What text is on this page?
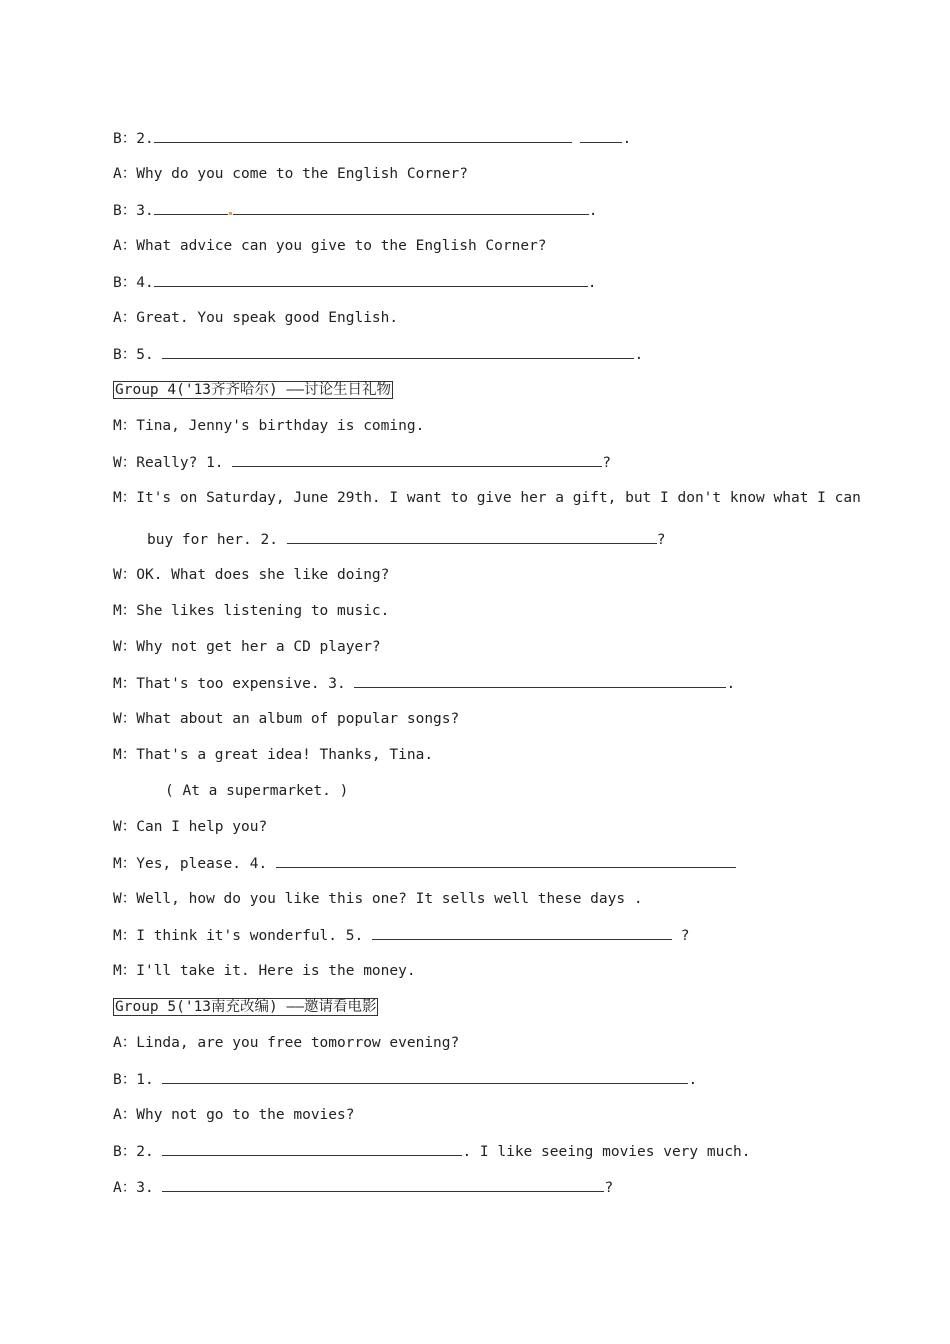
B：2.	.
A：Why do you come to the English Corner?
B：3.	.
A：What advice can you give to the English Corner?
B：4.	.
A：Great. You speak good English.
B：5.	.
Group 4('13齐齐哈尔) ——讨论生日礼物
M：Tina, Jenny's birthday is coming.
W：Really? 1.	?
M：It's on Saturday, June 29th. I want to give her a gift, but I don't know what I can
buy for her. 2.	?
W：OK. What does she like doing?
M：She likes listening to music.
W：Why not get her a CD player?
M：That's too expensive. 3.	.
W：What about an album of popular songs?
M：That's a great idea! Thanks, Tina.
( At a supermarket. )
W：Can I help you?
M：Yes, please. 4.
W：Well, how do you like this one? It sells well these days .
M：I think it's wonderful. 5.	?
M：I'll take it. Here is the money.
Group 5('13南充改编) ——邀请看电影
A：Linda, are you free tomorrow evening?
B：1.	.
A：Why not go to the movies?
B：2.	. I like seeing movies very much.
A：3.	?
